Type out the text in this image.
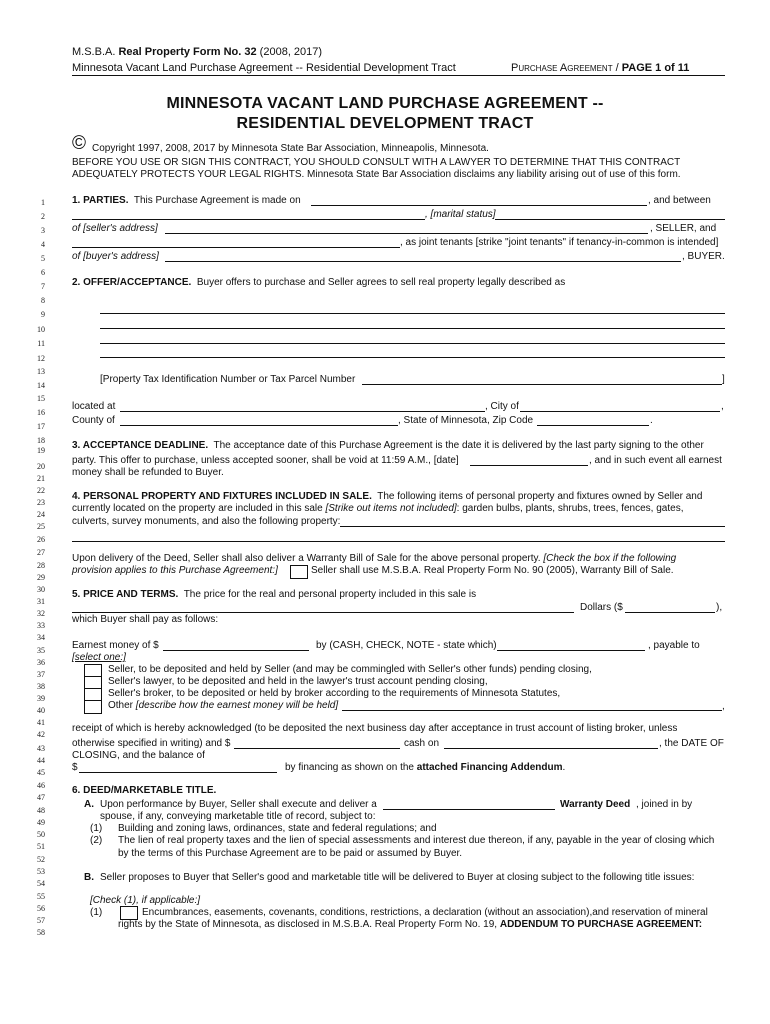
M.S.B.A. Real Property Form No. 32 (2008, 2017)
Minnesota Vacant Land Purchase Agreement -- Residential Development Tract	Purchase Agreement / PAGE 1 of 11
MINNESOTA VACANT LAND PURCHASE AGREEMENT --
RESIDENTIAL DEVELOPMENT TRACT
© Copyright 1997, 2008, 2017 by Minnesota State Bar Association, Minneapolis, Minnesota.
BEFORE YOU USE OR SIGN THIS CONTRACT, YOU SHOULD CONSULT WITH A LAWYER TO DETERMINE THAT THIS CONTRACT
ADEQUATELY PROTECTS YOUR LEGAL RIGHTS. Minnesota State Bar Association disclaims any liability arising out of use of this form.
1
2
3
4
5
6
7
8
9
10
11
12
13
14
15
16
17
18
19
20
21
22
23
24
25
26
27
28
29
30
31
32
33
34
35
36
37
38
39
40
41
42
43
44
45
46
47
48
49
50
51
52
53
54
55
56
57
58
1. PARTIES. This Purchase Agreement is made on	, and between
, [marital status]
of [seller's address]	, SELLER, and
, as joint tenants [strike "joint tenants" if tenancy-in-common is intended]
of [buyer's address]	, BUYER.
2. OFFER/ACCEPTANCE. Buyer offers to purchase and Seller agrees to sell real property legally described as
[Property Tax Identification Number or Tax Parcel Number	]
located at	, City of	,
County of	, State of Minnesota, Zip Code	.
3. ACCEPTANCE DEADLINE. The acceptance date of this Purchase Agreement is the date it is delivered by the last party signing to the other
party. This offer to purchase, unless accepted sooner, shall be void at 11:59 A.M., [date]	, and in such event all earnest
money shall be refunded to Buyer.
4. PERSONAL PROPERTY AND FIXTURES INCLUDED IN SALE. The following items of personal property and fixtures owned by Seller and
currently located on the property are included in this sale [Strike out items not included]: garden bulbs, plants, shrubs, trees, fences, gates,
culverts, survey monuments, and also the following property:
Upon delivery of the Deed, Seller shall also deliver a Warranty Bill of Sale for the above personal property. [Check the box if the following
provision applies to this Purchase Agreement:]	Seller shall use M.S.B.A. Real Property Form No. 90 (2005), Warranty Bill of Sale.
5. PRICE AND TERMS. The price for the real and personal property included in this sale is
Dollars ($	),
which Buyer shall pay as follows:
Earnest money of $	by (CASH, CHECK, NOTE - state which)	, payable to
[select one:]
Seller, to be deposited and held by Seller (and may be commingled with Seller's other funds) pending closing,
Seller's lawyer, to be deposited and held in the lawyer's trust account pending closing,
Seller's broker, to be deposited or held by broker according to the requirements of Minnesota Statutes,
Other [describe how the earnest money will be held]	,
receipt of which is hereby acknowledged (to be deposited the next business day after acceptance in trust account of listing broker, unless
otherwise specified in writing) and $	cash on	, the DATE OF
CLOSING, and the balance of
$	by financing as shown on the attached Financing Addendum.
6. DEED/MARKETABLE TITLE.
A. Upon performance by Buyer, Seller shall execute and deliver a	Warranty Deed , joined in by
spouse, if any, conveying marketable title of record, subject to:
(1) Building and zoning laws, ordinances, state and federal regulations; and
(2) The lien of real property taxes and the lien of special assessments and interest due thereon, if any, payable in the year of closing which
by the terms of this Purchase Agreement are to be paid or assumed by Buyer.
B. Seller proposes to Buyer that Seller's good and marketable title will be delivered to Buyer at closing subject to the following title issues:
[Check (1), if applicable:]
(1)	Encumbrances, easements, covenants, conditions, restrictions, a declaration (without an association),and reservation of mineral
rights by the State of Minnesota, as disclosed in M.S.B.A. Real Property Form No. 19, ADDENDUM TO PURCHASE AGREEMENT:
